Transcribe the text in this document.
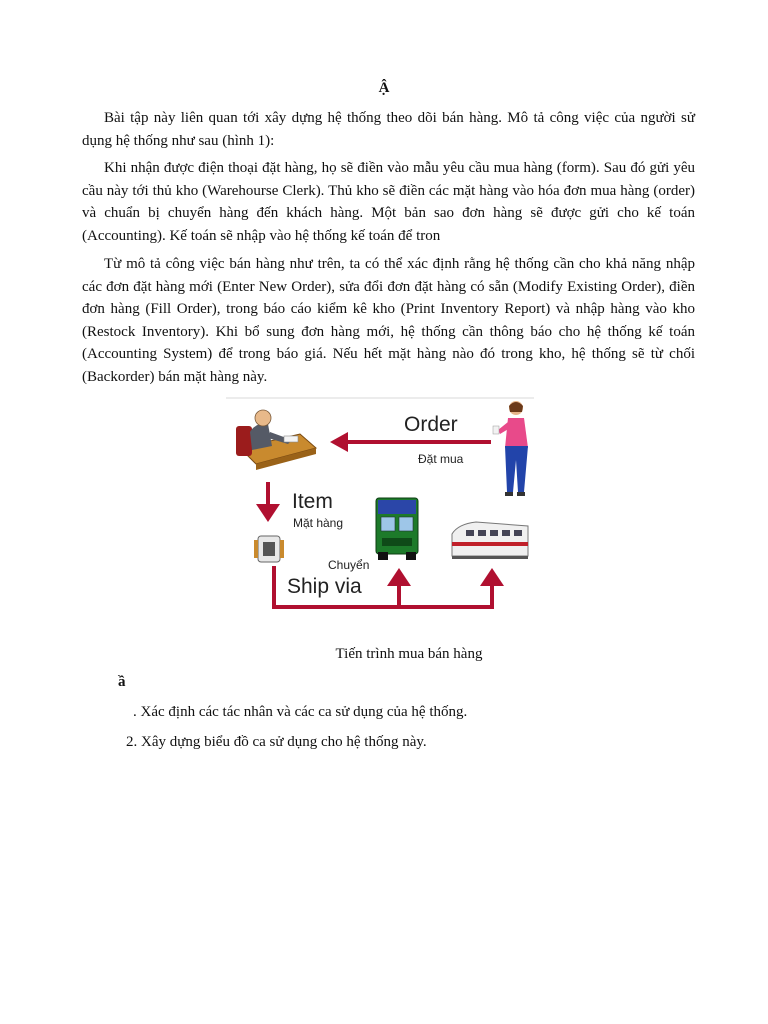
Ậ

Bài tập này liên quan tới xây dựng hệ thống theo dõi bán hàng. Mô tả công việc của người sử dụng hệ thống như sau (hình 1):

Khi nhận được điện thoại đặt hàng, họ sẽ điền vào mẫu yêu cầu mua hàng (form). Sau đó gửi yêu cầu này tới thủ kho (Warehourse Clerk). Thủ kho sẽ điền các mặt hàng vào hóa đơn mua hàng (order) và chuẩn bị chuyển hàng đến khách hàng. Một bản sao đơn hàng sẽ được gửi cho kế toán (Accounting). Kế toán sẽ nhập vào hệ thống kế toán để tron

Từ mô tả công việc bán hàng như trên, ta có thể xác định rằng hệ thống cần cho khả năng nhập các đơn đặt hàng mới (Enter New Order), sửa đổi đơn đặt hàng có sẵn (Modify Existing Order), điền đơn hàng (Fill Order), trong báo cáo kiểm kê kho (Print Inventory Report) và nhập hàng vào kho (Restock Inventory). Khi bổ sung đơn hàng mới, hệ thống cần thông báo cho hệ thống kế toán (Accounting System) để trong báo giá. Nếu hết mặt hàng nào đó trong kho, hệ thống sẽ từ chối (Backorder) bán mặt hàng này.

Order
Đặt mua
Item
Mặt hàng
Chuyển
Ship via
Tiến trình mua bán hàng
ầ
. Xác định các tác nhân và các ca sử dụng của hệ thống.
2. Xây dựng biểu đồ ca sử dụng cho hệ thống này.
